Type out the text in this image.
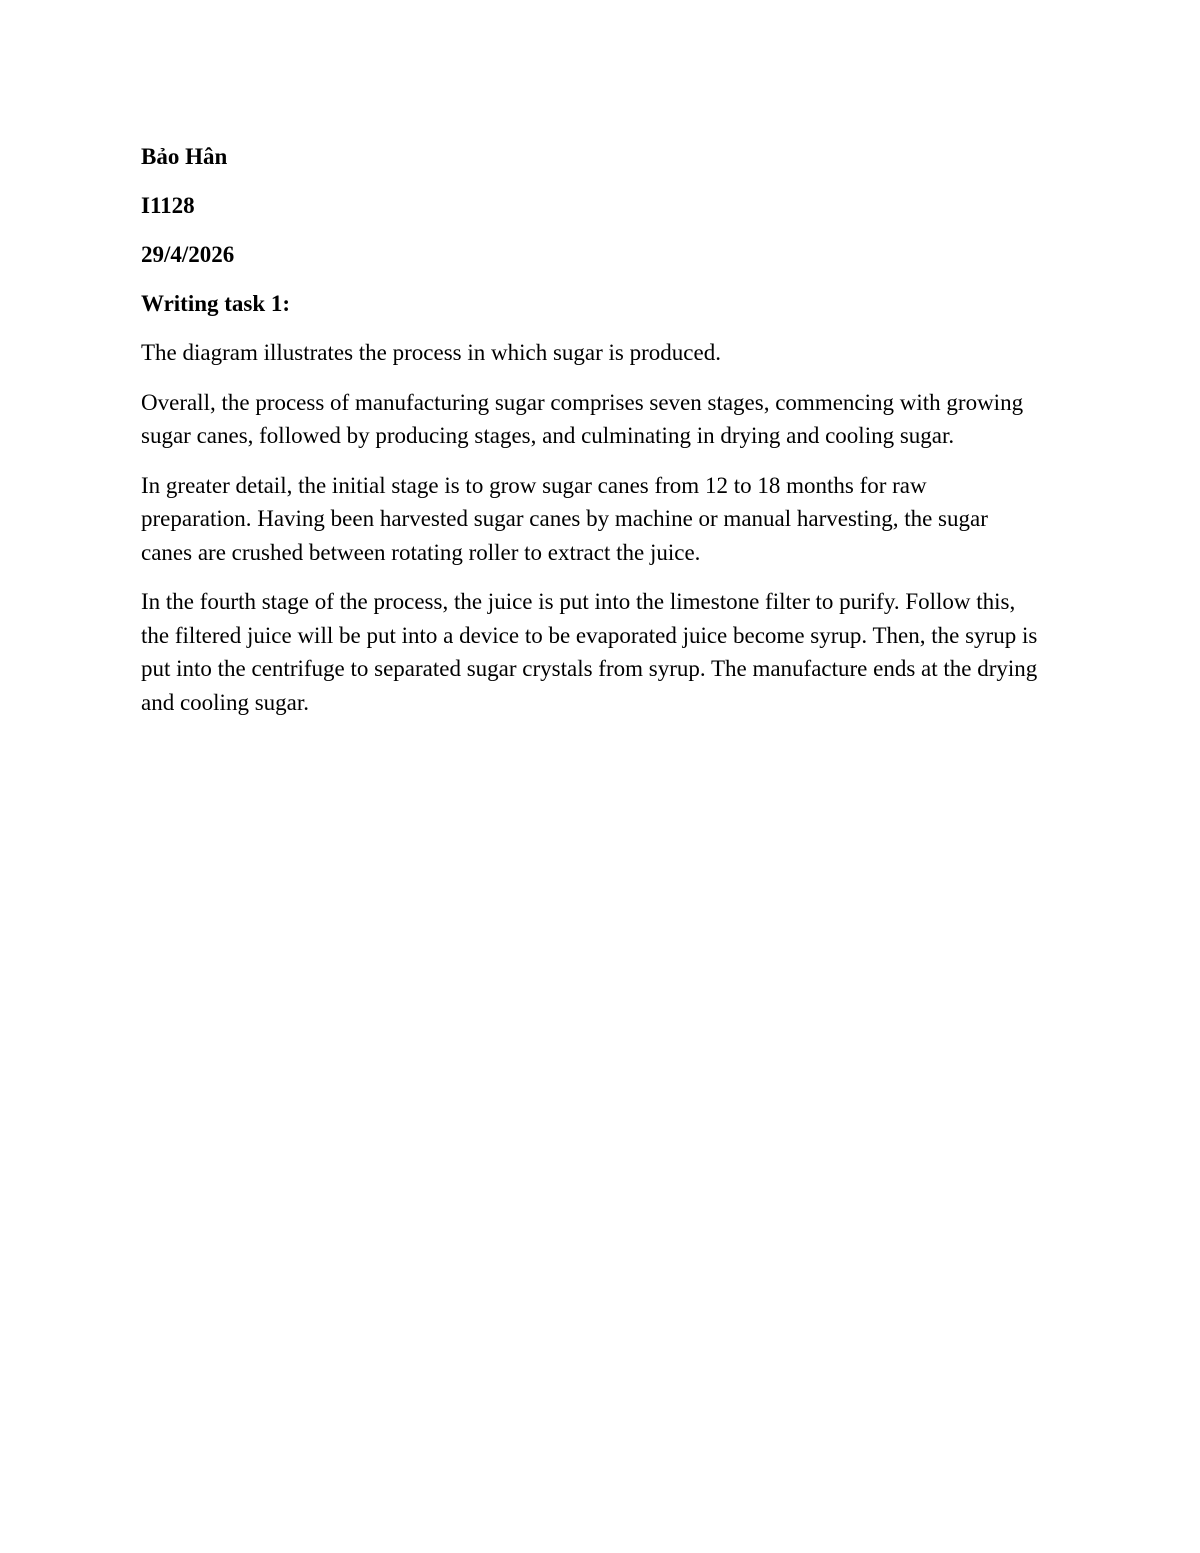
Bảo Hân

I1128

29/4/2026

Writing task 1:

The diagram illustrates the process in which sugar is produced.

Overall, the process of manufacturing sugar comprises seven stages, commencing with growing sugar canes, followed by producing stages, and culminating in drying and cooling sugar.

In greater detail, the initial stage is to grow sugar canes from 12 to 18 months for raw preparation. Having been harvested sugar canes by machine or manual harvesting, the sugar canes are crushed between rotating roller to extract the juice.

In the fourth stage of the process, the juice is put into the limestone filter to purify. Follow this, the filtered juice will be put into a device to be evaporated juice become syrup. Then, the syrup is put into the centrifuge to separated sugar crystals from syrup. The manufacture ends at the drying and cooling sugar.
